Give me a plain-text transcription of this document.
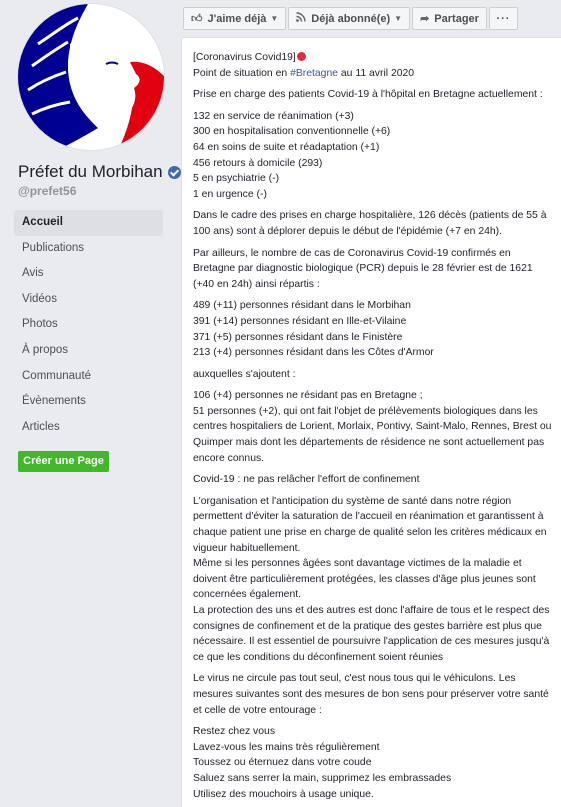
Préfet du Morbihan
@prefet56
Accueil
Publications
Avis
Vidéos
Photos
À propos
Communauté
Évènements
Articles
Créer une Page
👍︎ J'aime déjà ▼	Déjà abonné(e) ▼ ➦ Partager	···

[Coronavirus Covid19]
Point de situation en #Bretagne au 11 avril 2020

Prise en charge des patients Covid-19 à l'hôpital en Bretagne actuellement :

132 en service de réanimation (+3)
300 en hospitalisation conventionnelle (+6)
64 en soins de suite et réadaptation (+1)
456 retours à domicile (293)
5 en psychiatrie (-)
1 en urgence (-)

Dans le cadre des prises en charge hospitalière, 126 décès (patients de 55 à 100 ans) sont à déplorer depuis le début de l'épidémie (+7 en 24h).

Par ailleurs, le nombre de cas de Coronavirus Covid-19 confirmés en Bretagne par diagnostic biologique (PCR) depuis le 28 février est de 1621 (+40 en 24h) ainsi répartis :

489 (+11) personnes résidant dans le Morbihan
391 (+14) personnes résidant en Ille-et-Vilaine
371 (+5) personnes résidant dans le Finistère
213 (+4) personnes résidant dans les Côtes d'Armor

auxquelles s'ajoutent :

106 (+4) personnes ne résidant pas en Bretagne ;
51 personnes (+2), qui ont fait l'objet de prélèvements biologiques dans les centres hospitaliers de Lorient, Morlaix, Pontivy, Saint-Malo, Rennes, Brest ou Quimper mais dont les départements de résidence ne sont actuellement pas encore connus.

Covid-19 : ne pas relâcher l'effort de confinement

L'organisation et l'anticipation du système de santé dans notre région permettent d'éviter la saturation de l'accueil en réanimation et garantissent à chaque patient une prise en charge de qualité selon les critères médicaux en vigueur habituellement.
Même si les personnes âgées sont davantage victimes de la maladie et doivent être particulièrement protégées, les classes d'âge plus jeunes sont concernées également.
La protection des uns et des autres est donc l'affaire de tous et le respect des consignes de confinement et de la pratique des gestes barrière est plus que nécessaire. Il est essentiel de poursuivre l'application de ces mesures jusqu'à ce que les conditions du déconfinement soient réunies

Le virus ne circule pas tout seul, c'est nous tous qui le véhiculons. Les mesures suivantes sont des mesures de bon sens pour préserver votre santé et celle de votre entourage :

Restez chez vous
Lavez-vous les mains très régulièrement
Toussez ou éternuez dans votre coude
Saluez sans serrer la main, supprimez les embrassades
Utilisez des mouchoirs à usage unique.
